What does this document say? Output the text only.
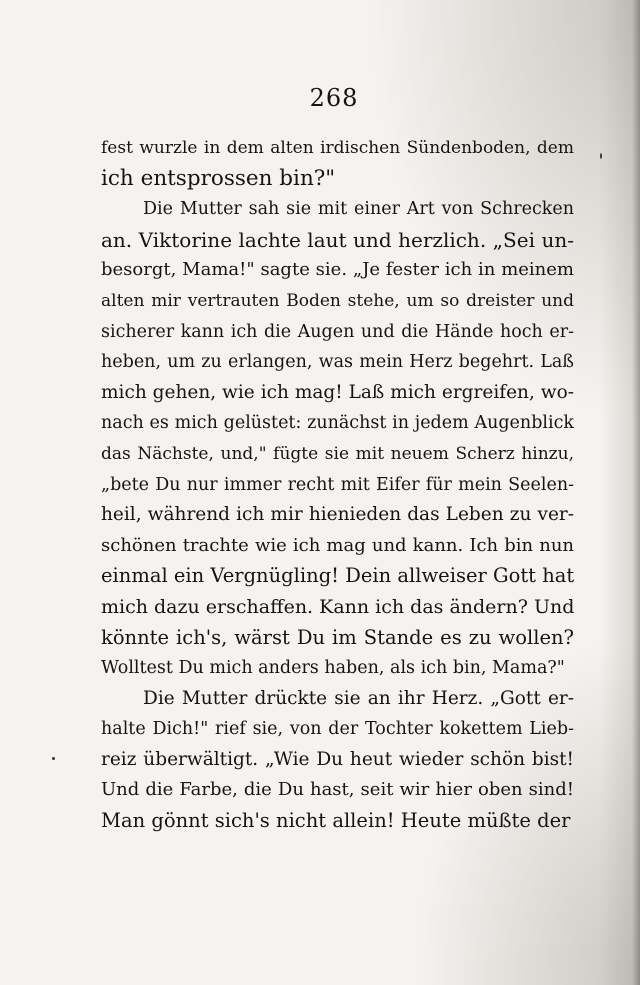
268
fest wurzle in dem alten irdischen Sündenboden, dem
ich entsprossen bin?"
Die Mutter sah sie mit einer Art von Schrecken
an. Viktorine lachte laut und herzlich. „Sei un-
besorgt, Mama!" sagte sie. „Je fester ich in meinem
alten mir vertrauten Boden stehe, um so dreister und
sicherer kann ich die Augen und die Hände hoch er-
heben, um zu erlangen, was mein Herz begehrt. Laß
mich gehen, wie ich mag! Laß mich ergreifen, wo-
nach es mich gelüstet: zunächst in jedem Augenblick
das Nächste, und," fügte sie mit neuem Scherz hinzu,
„bete Du nur immer recht mit Eifer für mein Seelen-
heil, während ich mir hienieden das Leben zu ver-
schönen trachte wie ich mag und kann. Ich bin nun
einmal ein Vergnügling! Dein allweiser Gott hat
mich dazu erschaffen. Kann ich das ändern? Und
könnte ich's, wärst Du im Stande es zu wollen?
Wolltest Du mich anders haben, als ich bin, Mama?"
Die Mutter drückte sie an ihr Herz. „Gott er-
halte Dich!" rief sie, von der Tochter kokettem Lieb-
reiz überwältigt. „Wie Du heut wieder schön bist!
Und die Farbe, die Du hast, seit wir hier oben sind!
Man gönnt sich's nicht allein! Heute müßte der
